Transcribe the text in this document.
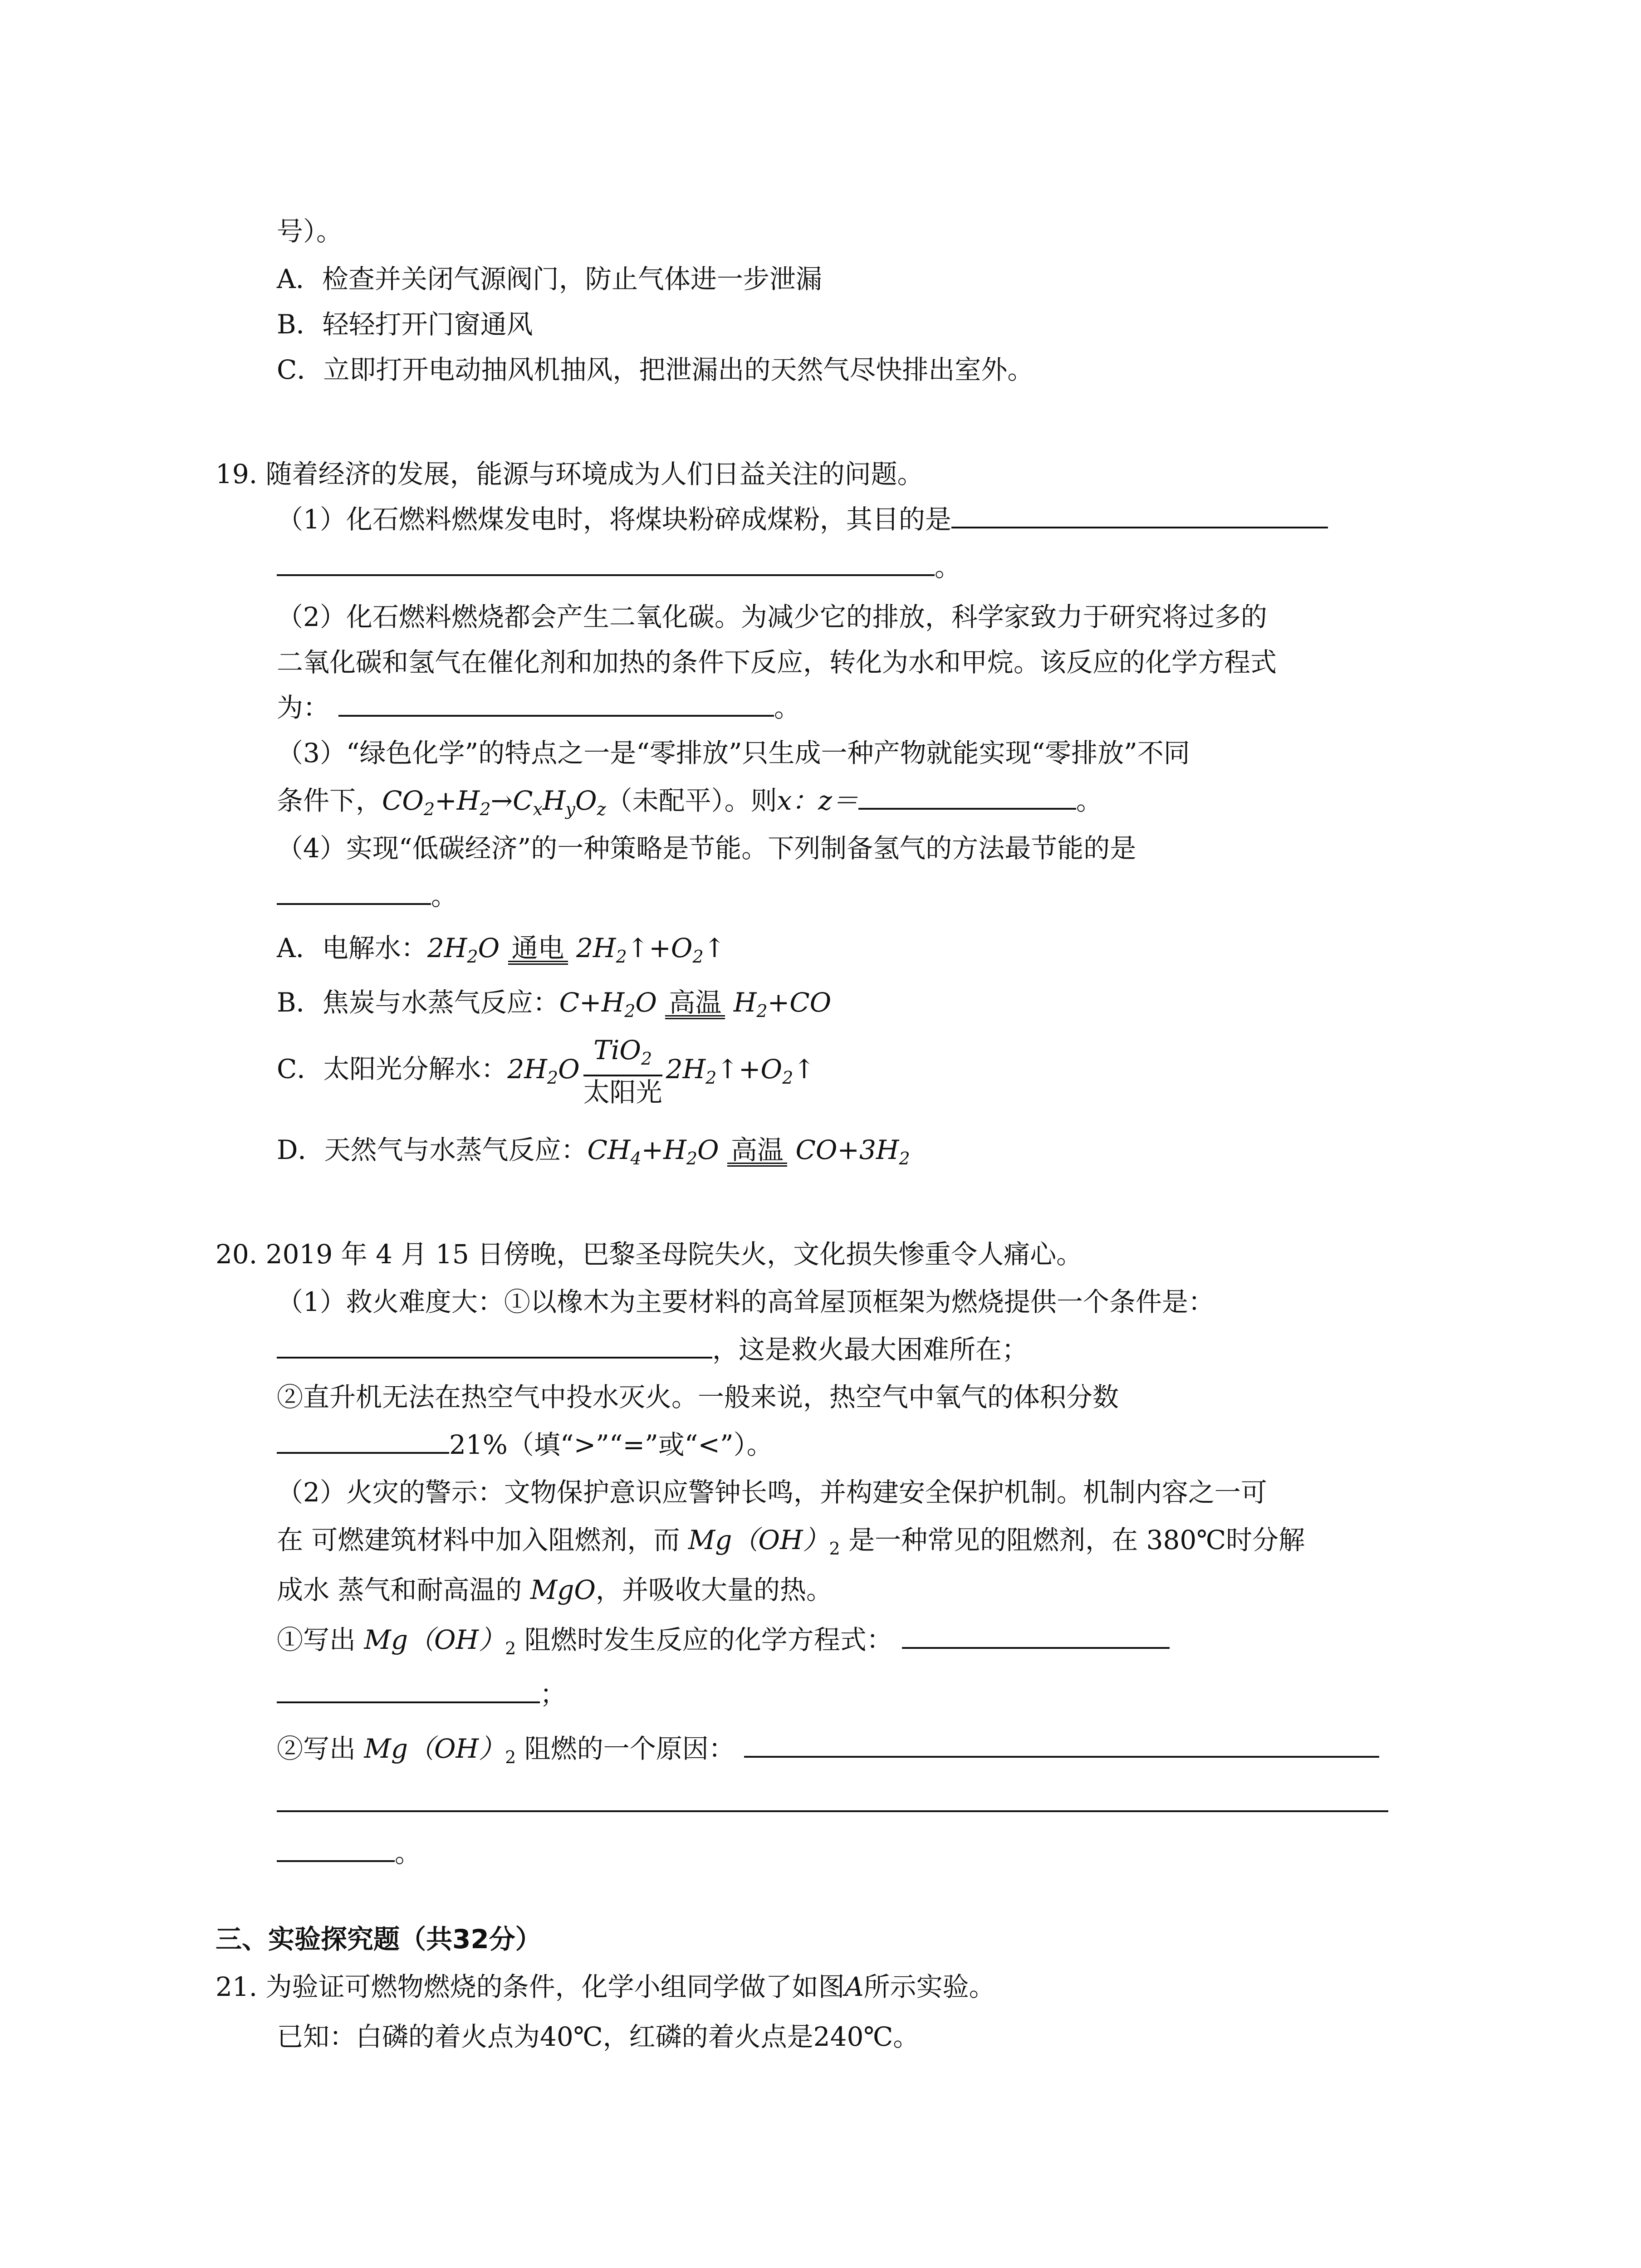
号）。
A．检查并关闭气源阀门，防止气体进一步泄漏
B．轻轻打开门窗通风
C．立即打开电动抽风机抽风，把泄漏出的天然气尽快排出室外。
19. 随着经济的发展，能源与环境成为人们日益关注的问题。
（1）化石燃料燃煤发电时，将煤块粉碎成煤粉，其目的是
。
（2）化石燃料燃烧都会产生二氧化碳。为减少它的排放，科学家致力于研究将过多的
二氧化碳和氢气在催化剂和加热的条件下反应，转化为水和甲烷。该反应的化学方程式
为：	。
（3）“绿色化学”的特点之一是“零排放”只生成一种产物就能实现“零排放”不同
条件下，$CO_2+H_2\to C_xH_yO_z$（未配平）。则x：z＝	。
（4）实现“低碳经济”的一种策略是节能。下列制备氢气的方法最节能的是
。
A．电解水：$2H_2O$ 通电 $2H_2↑+O_2↑$
B．焦炭与水蒸气反应：$C+H_2O$ 高温 $H_2+CO$
C．太阳光分解水：$2H_2O \frac{TiO_2}{\text{太阳光}}$ $2H_2↑+O_2↑$
D．天然气与水蒸气反应：$CH_4+H_2O$ 高温 $CO+3H_2$
20. 2019 年 4 月 15 日傍晚，巴黎圣母院失火，文化损失惨重令人痛心。
（1）救火难度大：①以橡木为主要材料的高耸屋顶框架为燃烧提供一个条件是：
，这是救火最大困难所在；
②直升机无法在热空气中投水灭火。一般来说，热空气中氧气的体积分数
21%（填“>”“=”或“<”）。
（2）火灾的警示：文物保护意识应警钟长鸣，并构建安全保护机制。机制内容之一可
在 可燃建筑材料中加入阻燃剂，而 $Mg(OH)_2$ 是一种常见的阻燃剂，在 380℃时分解
成水 蒸气和耐高温的 MgO，并吸收大量的热。
①写出 $Mg(OH)_2$ 阻燃时发生反应的化学方程式：
；
②写出 $Mg(OH)_2$ 阻燃的一个原因：
。
三、实验探究题（共32分）
21. 为验证可燃物燃烧的条件，化学小组同学做了如图A所示实验。
已知：白磷的着火点为40℃，红磷的着火点是240℃。
